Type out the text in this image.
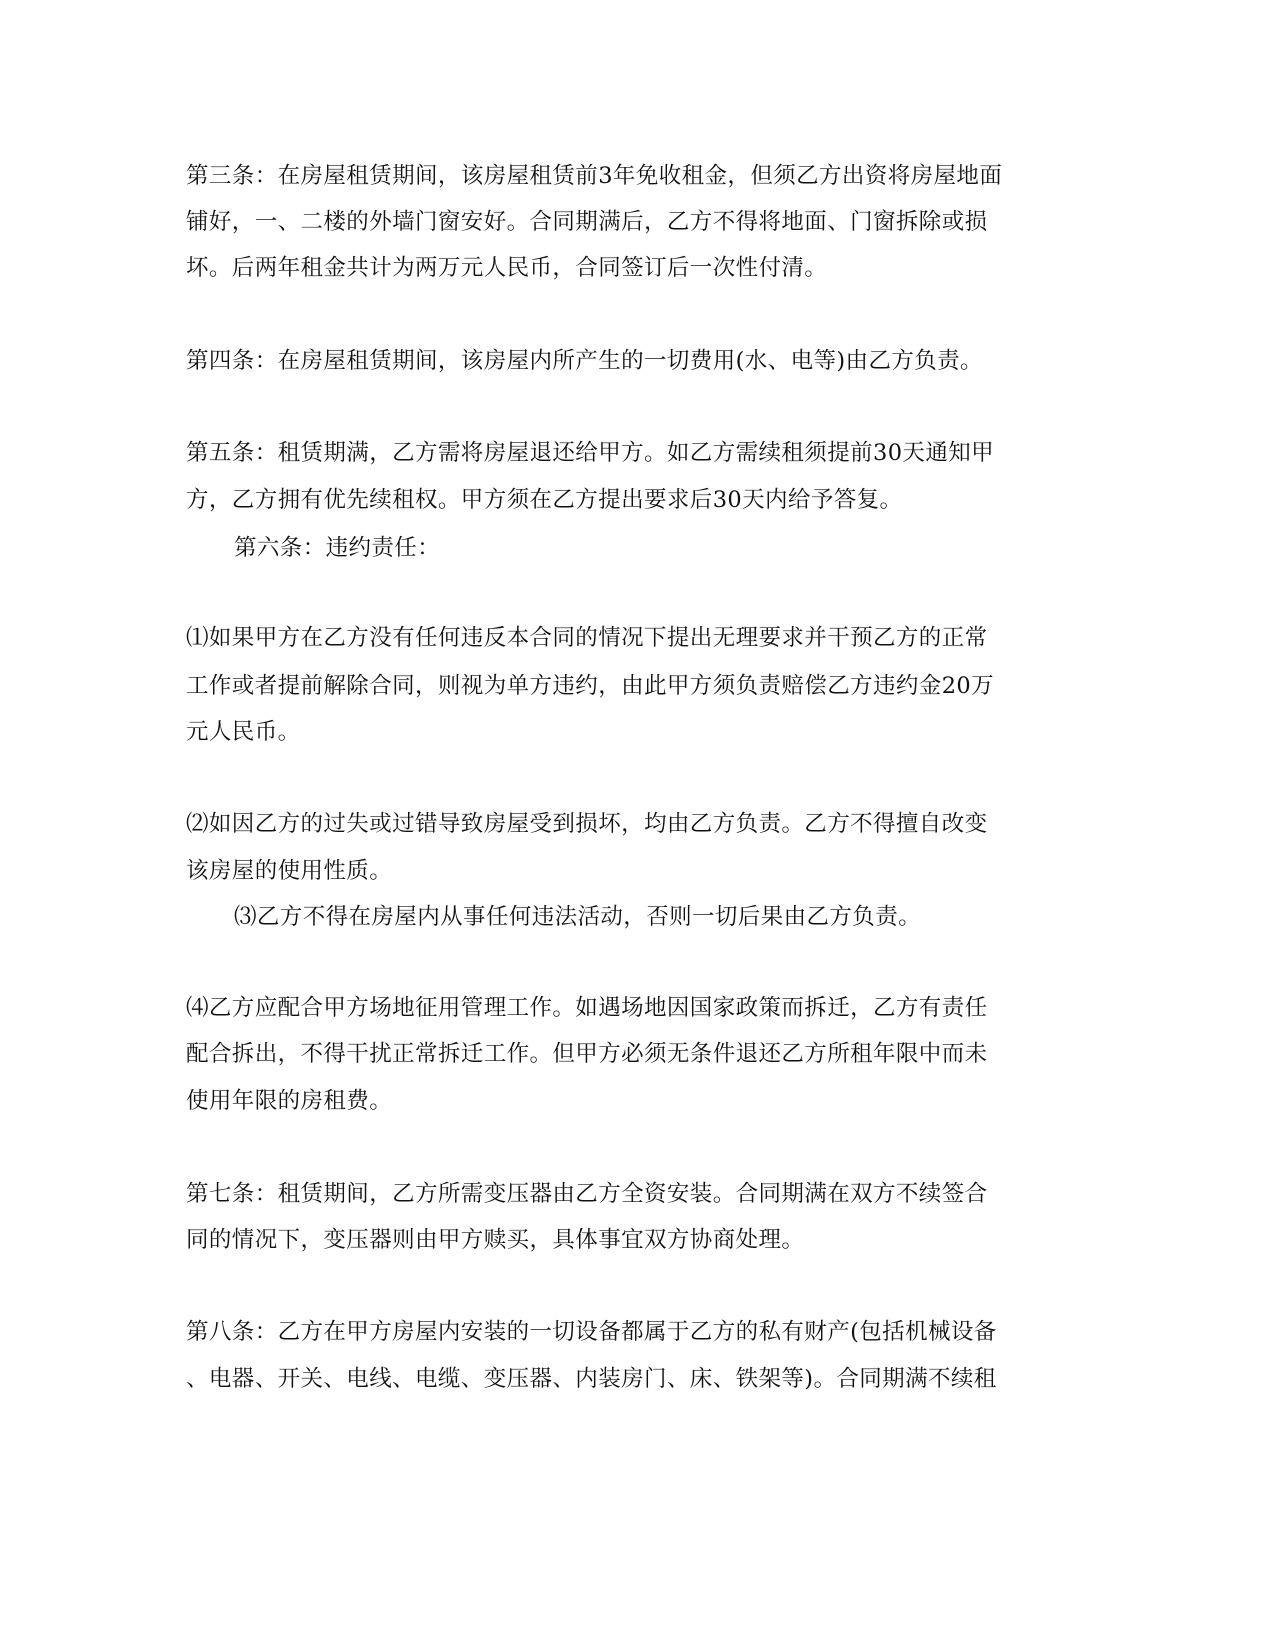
第三条：在房屋租赁期间，该房屋租赁前3年免收租金，但须乙方出资将房屋地面

铺好，一、二楼的外墙门窗安好。合同期满后，乙方不得将地面、门窗拆除或损

坏。后两年租金共计为两万元人民币，合同签订后一次性付清。

第四条：在房屋租赁期间，该房屋内所产生的一切费用(水、电等)由乙方负责。

第五条：租赁期满，乙方需将房屋退还给甲方。如乙方需续租须提前30天通知甲

方，乙方拥有优先续租权。甲方须在乙方提出要求后30天内给予答复。

第六条：违约责任：

⑴如果甲方在乙方没有任何违反本合同的情况下提出无理要求并干预乙方的正常

工作或者提前解除合同，则视为单方违约，由此甲方须负责赔偿乙方违约金20万

元人民币。

⑵如因乙方的过失或过错导致房屋受到损坏，均由乙方负责。乙方不得擅自改变

该房屋的使用性质。

⑶乙方不得在房屋内从事任何违法活动，否则一切后果由乙方负责。

⑷乙方应配合甲方场地征用管理工作。如遇场地因国家政策而拆迁，乙方有责任

配合拆出，不得干扰正常拆迁工作。但甲方必须无条件退还乙方所租年限中而未

使用年限的房租费。

第七条：租赁期间，乙方所需变压器由乙方全资安装。合同期满在双方不续签合

同的情况下，变压器则由甲方赎买，具体事宜双方协商处理。

第八条：乙方在甲方房屋内安装的一切设备都属于乙方的私有财产(包括机械设备

、电器、开关、电线、电缆、变压器、内装房门、床、铁架等)。合同期满不续租
